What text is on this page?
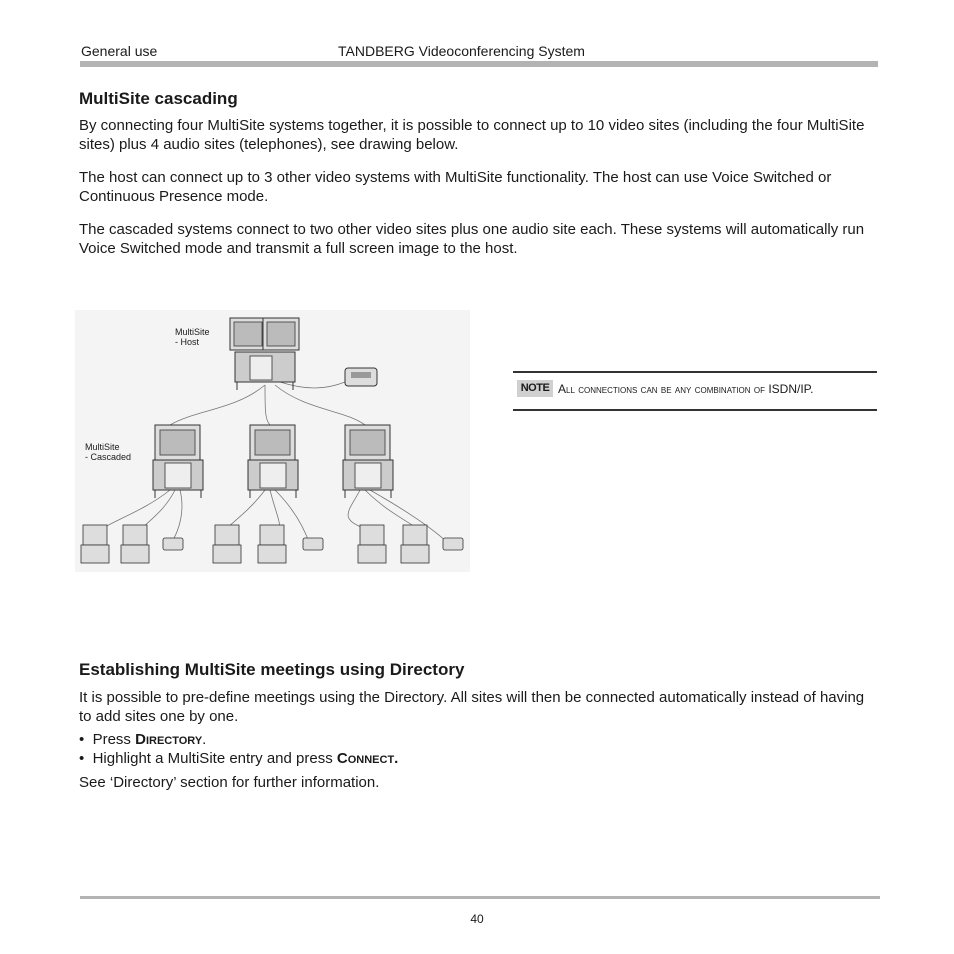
General use	TANDBERG Videoconferencing System
MultiSite cascading
By connecting four MultiSite systems together, it is possible to connect up to 10 video sites (including the four MultiSite sites) plus 4 audio sites (telephones), see drawing below.
The host can connect up to 3 other video systems with MultiSite functionality. The host can use Voice Switched or Continuous Presence mode.
The cascaded systems connect to two other video sites plus one audio site each. These systems will automatically run Voice Switched mode and transmit a full screen image to the host.
MultiSite
- Host
MultiSite
- Cascaded
NOTE All connections can be any combination of ISDN/IP.
Establishing MultiSite meetings using Directory
It is possible to pre-define meetings using the Directory. All sites will then be connected automatically instead of having to add sites one by one.
•  Press Directory.
•  Highlight a MultiSite entry and press Connect.
See ‘Directory’ section for further information.
40
